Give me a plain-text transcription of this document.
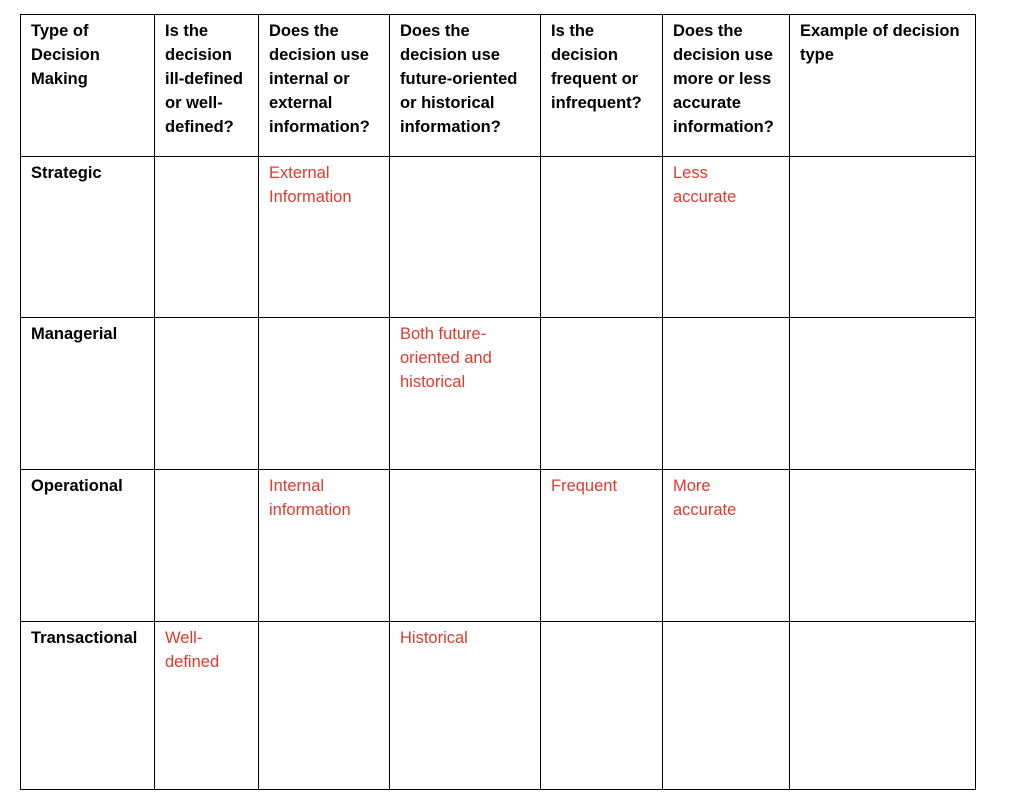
Type of
Decision
Making	Is the
decision
ill-defined
or well-
defined?	Does the
decision use
internal or
external
information?	Does the
decision use
future-oriented
or historical
information?	Is the
decision
frequent or
infrequent?	Does the
decision use
more or less
accurate
information?	Example of decision
type

Strategic		External
Information			Less
accurate	

Managerial			Both future-
oriented and
historical			

Operational		Internal
information		Frequent	More
accurate	

Transactional	Well-
defined		Historical			
